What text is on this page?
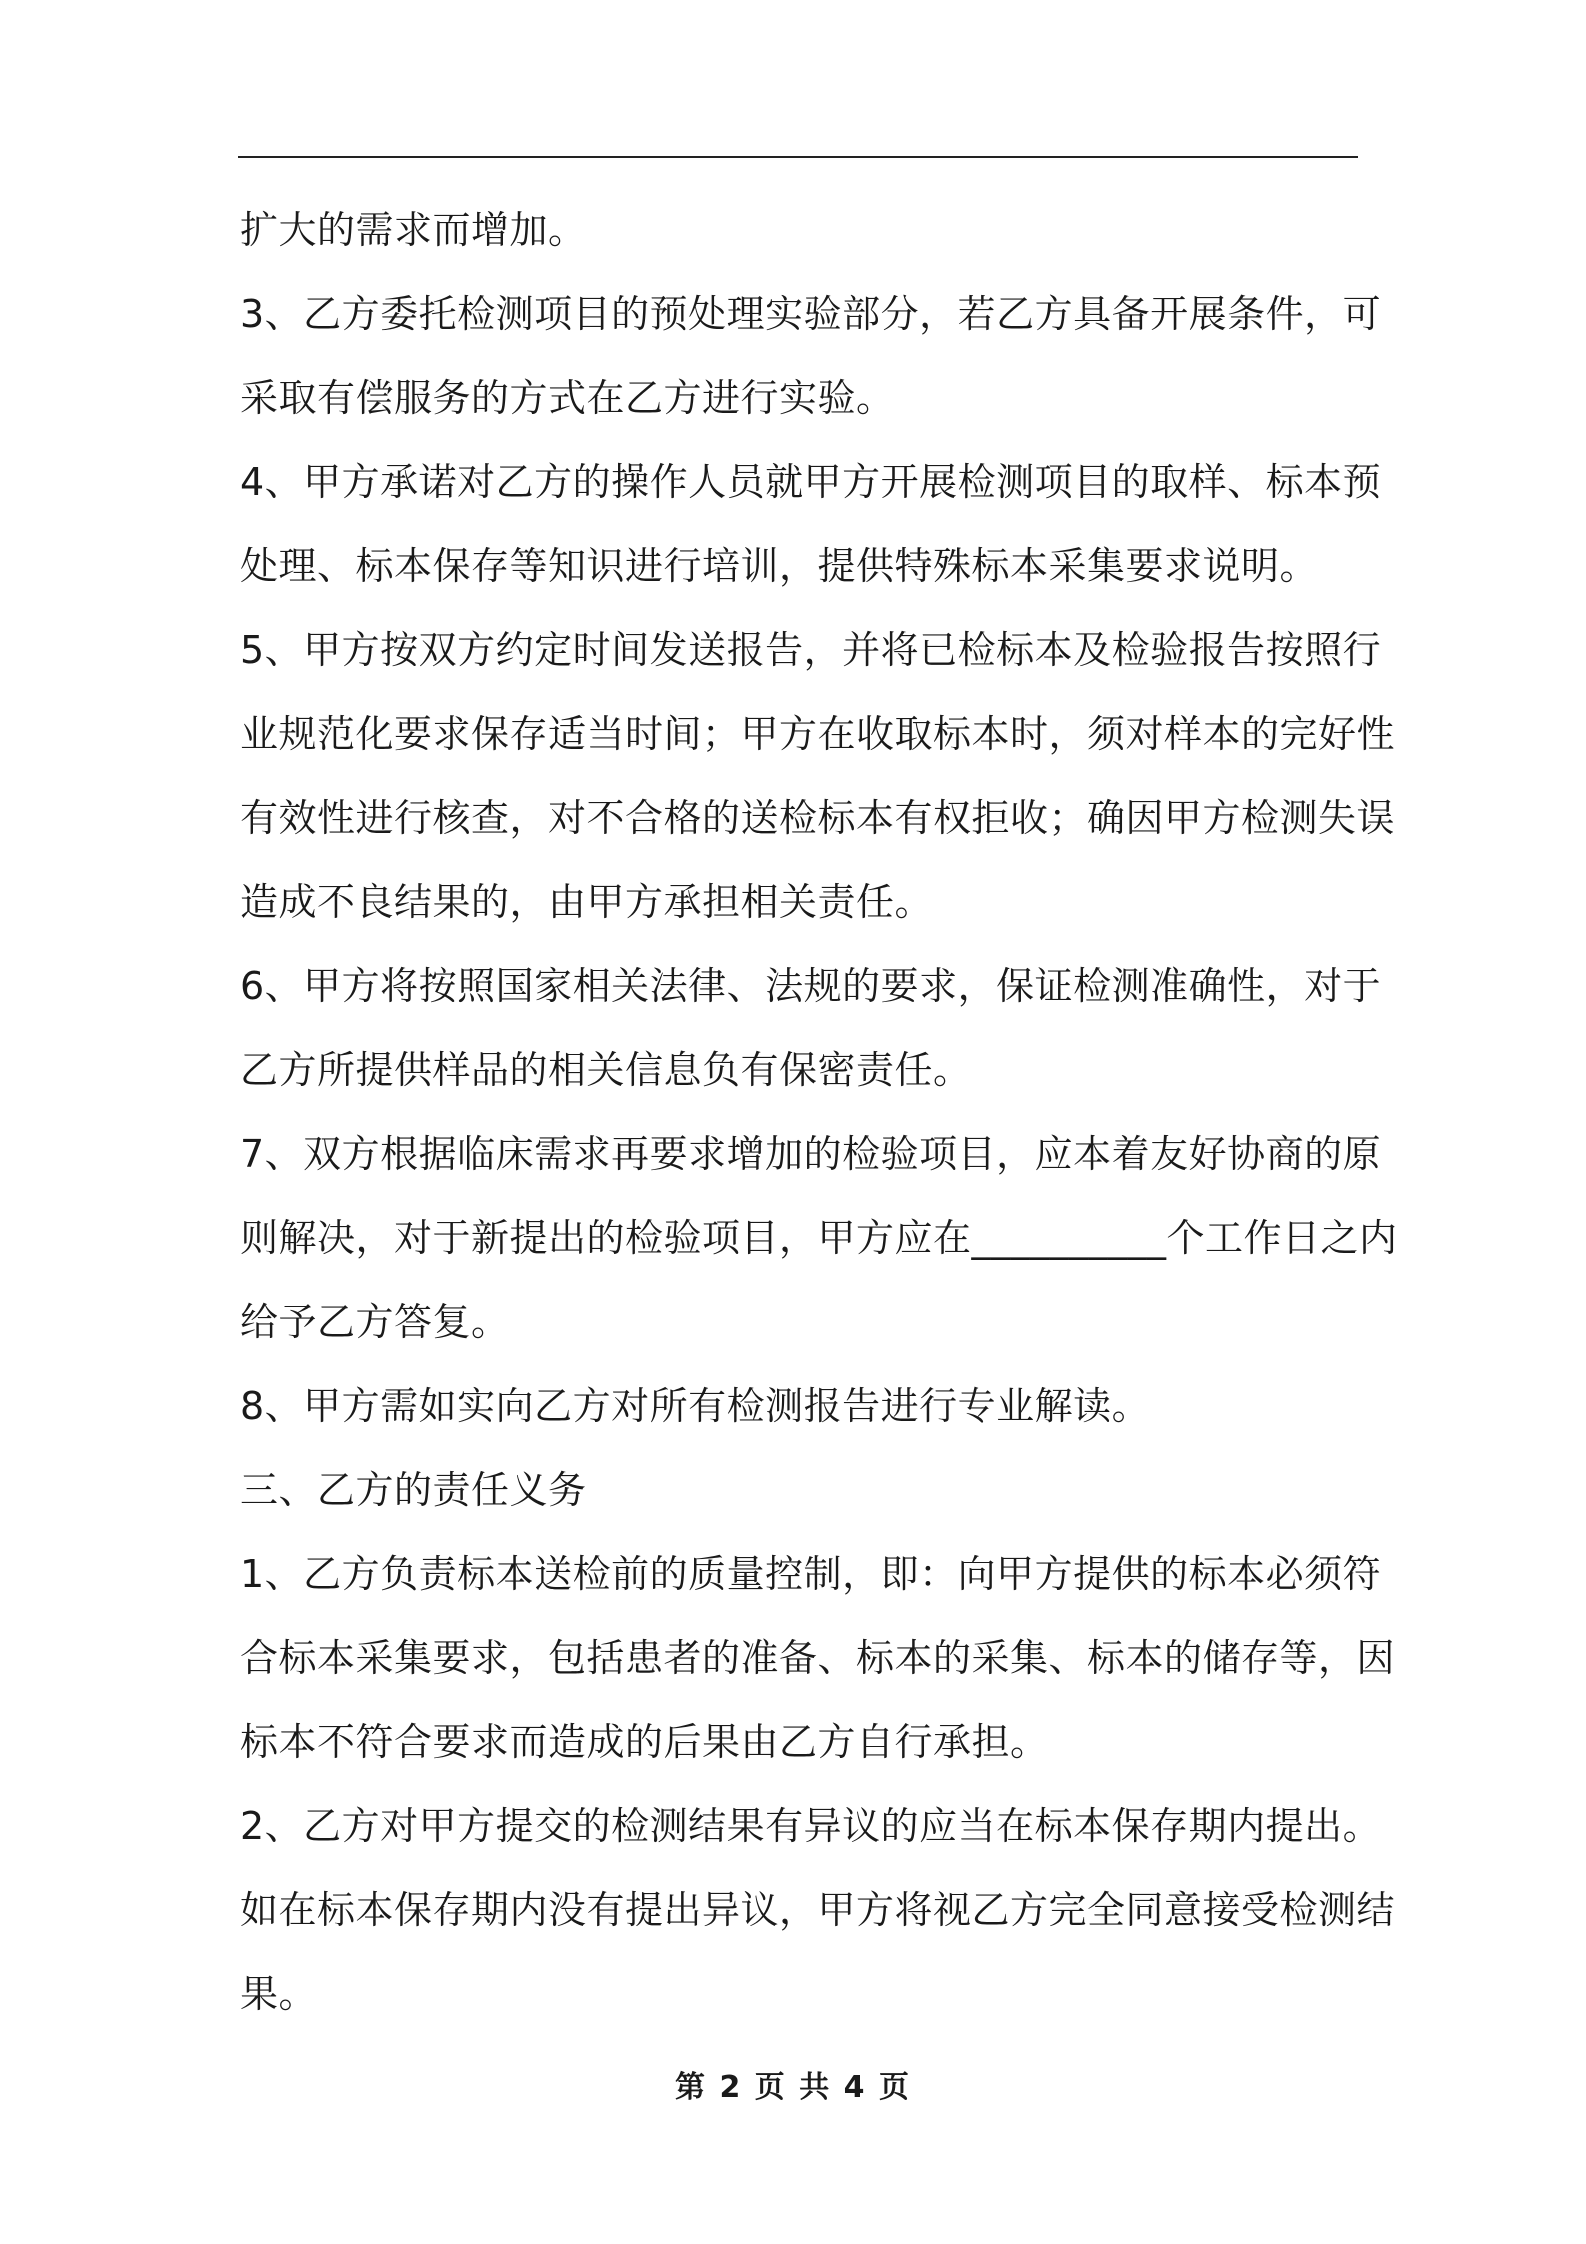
扩大的需求而增加。
3、乙方委托检测项目的预处理实验部分，若乙方具备开展条件，可
采取有偿服务的方式在乙方进行实验。
4、甲方承诺对乙方的操作人员就甲方开展检测项目的取样、标本预
处理、标本保存等知识进行培训，提供特殊标本采集要求说明。
5、甲方按双方约定时间发送报告，并将已检标本及检验报告按照行
业规范化要求保存适当时间；甲方在收取标本时，须对样本的完好性
有效性进行核查，对不合格的送检标本有权拒收；确因甲方检测失误
造成不良结果的，由甲方承担相关责任。
6、甲方将按照国家相关法律、法规的要求，保证检测准确性，对于
乙方所提供样品的相关信息负有保密责任。
7、双方根据临床需求再要求增加的检验项目，应本着友好协商的原
则解决，对于新提出的检验项目，甲方应在__________个工作日之内
给予乙方答复。
8、甲方需如实向乙方对所有检测报告进行专业解读。
三、乙方的责任义务
1、乙方负责标本送检前的质量控制，即：向甲方提供的标本必须符
合标本采集要求，包括患者的准备、标本的采集、标本的储存等，因
标本不符合要求而造成的后果由乙方自行承担。
2、乙方对甲方提交的检测结果有异议的应当在标本保存期内提出。
如在标本保存期内没有提出异议，甲方将视乙方完全同意接受检测结
果。
第 2 页 共 4 页
